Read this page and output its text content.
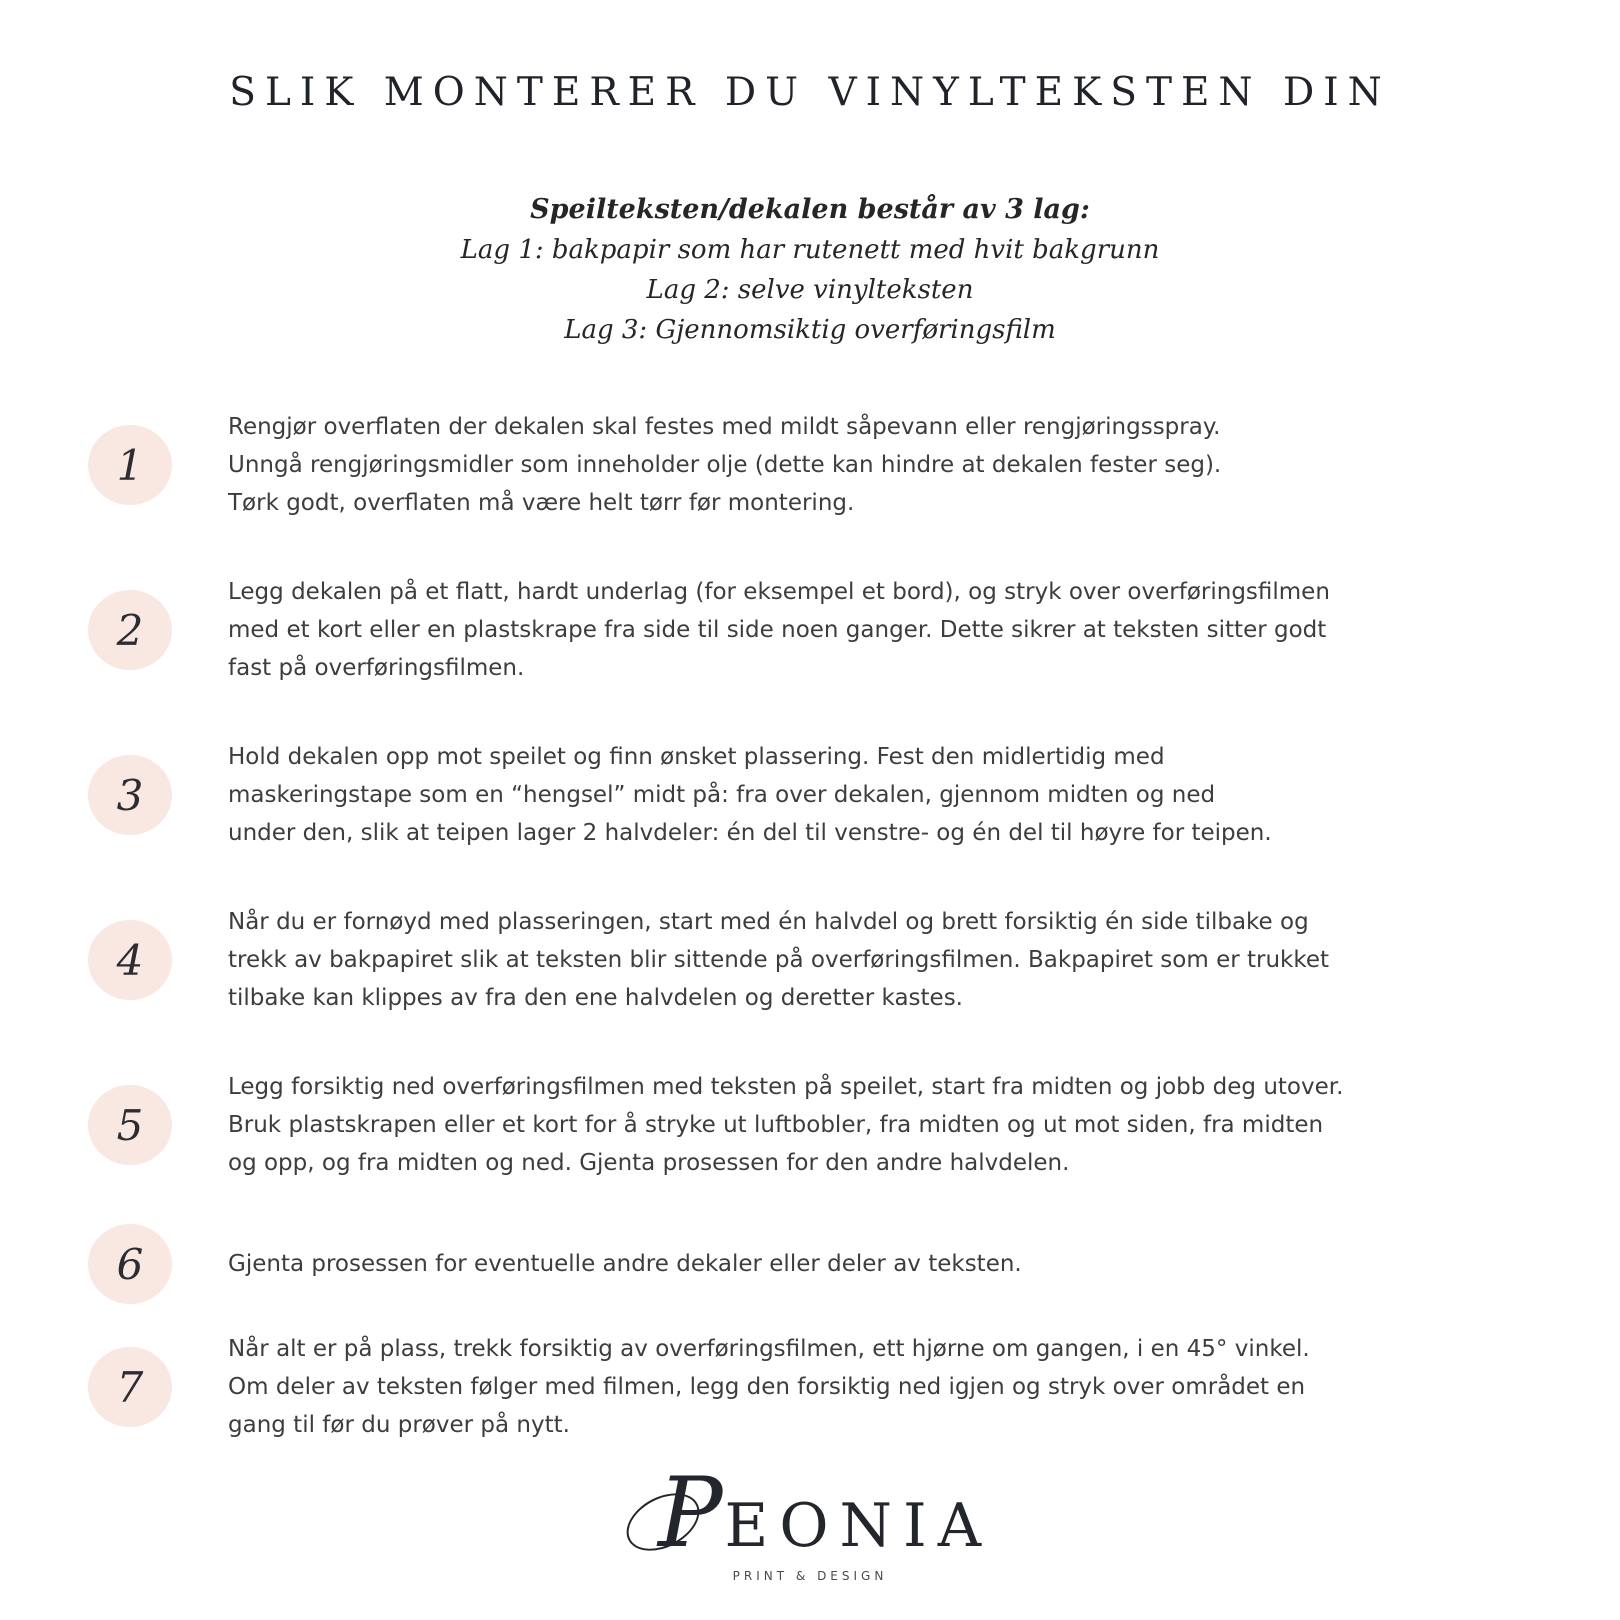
SLIK MONTERER DU VINYLTEKSTEN DIN
Speilteksten/dekalen består av 3 lag:
Lag 1: bakpapir som har rutenett med hvit bakgrunn
Lag 2: selve vinylteksten
Lag 3: Gjennomsiktig overføringsfilm
1
Rengjør overflaten der dekalen skal festes med mildt såpevann eller rengjøringsspray.
Unngå rengjøringsmidler som inneholder olje (dette kan hindre at dekalen fester seg).
Tørk godt, overflaten må være helt tørr før montering.
2
Legg dekalen på et flatt, hardt underlag (for eksempel et bord), og stryk over overføringsfilmen
med et kort eller en plastskrape fra side til side noen ganger. Dette sikrer at teksten sitter godt
fast på overføringsfilmen.
3
Hold dekalen opp mot speilet og finn ønsket plassering. Fest den midlertidig med
maskeringstape som en “hengsel” midt på: fra over dekalen, gjennom midten og ned
under den, slik at teipen lager 2 halvdeler: én del til venstre- og én del til høyre for teipen.
4
Når du er fornøyd med plasseringen, start med én halvdel og brett forsiktig én side tilbake og
trekk av bakpapiret slik at teksten blir sittende på overføringsfilmen. Bakpapiret som er trukket
tilbake kan klippes av fra den ene halvdelen og deretter kastes.
5
Legg forsiktig ned overføringsfilmen med teksten på speilet, start fra midten og jobb deg utover.
Bruk plastskrapen eller et kort for å stryke ut luftbobler, fra midten og ut mot siden, fra midten
og opp, og fra midten og ned. Gjenta prosessen for den andre halvdelen.
6	Gjenta prosessen for eventuelle andre dekaler eller deler av teksten.
7
Når alt er på plass, trekk forsiktig av overføringsfilmen, ett hjørne om gangen, i en 45° vinkel.
Om deler av teksten følger med filmen, legg den forsiktig ned igjen og stryk over området en
gang til før du prøver på nytt.
P EONIA
PRINT & DESIGN
